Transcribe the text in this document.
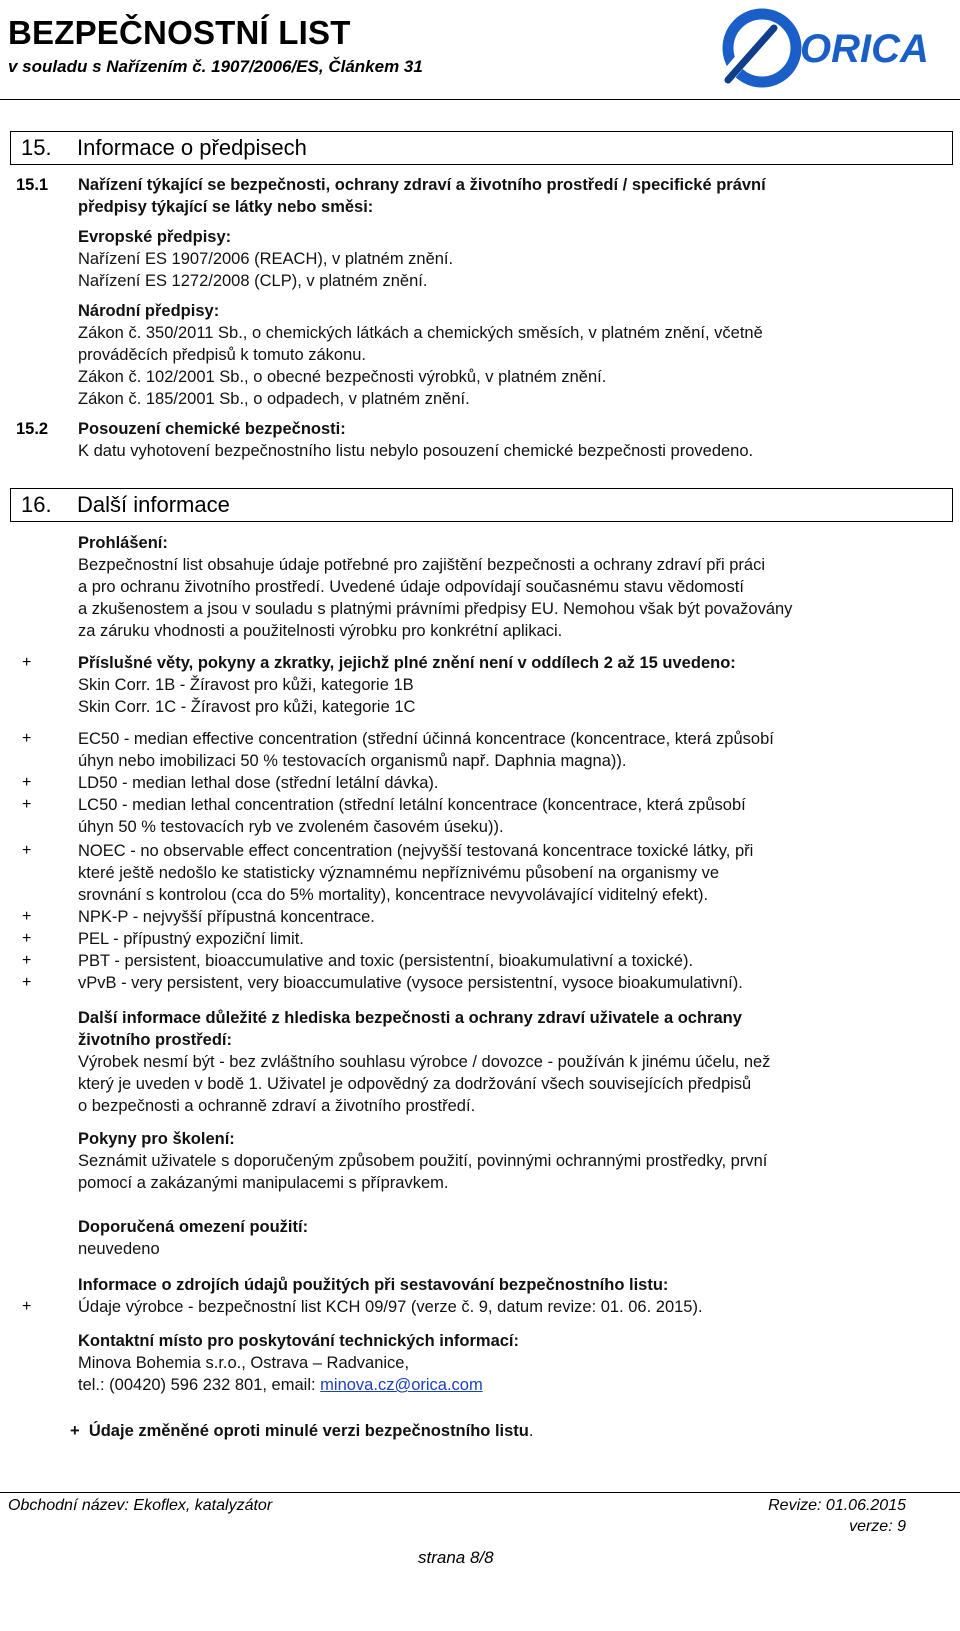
BEZPEČNOSTNÍ LIST
v souladu s Nařízením č. 1907/2006/ES, Článkem 31	ORICA
15. Informace o předpisech
15.1 Nařízení týkající se bezpečnosti, ochrany zdraví a životního prostředí / specifické právní
předpisy týkající se látky nebo směsi:
Evropské předpisy:
Nařízení ES 1907/2006 (REACH), v platném znění.
Nařízení ES 1272/2008 (CLP), v platném znění.
Národní předpisy:
Zákon č. 350/2011 Sb., o chemických látkách a chemických směsích, v platném znění, včetně
prováděcích předpisů k tomuto zákonu.
Zákon č. 102/2001 Sb., o obecné bezpečnosti výrobků, v platném znění.
Zákon č. 185/2001 Sb., o odpadech, v platném znění.
15.2 Posouzení chemické bezpečnosti:
K datu vyhotovení bezpečnostního listu nebylo posouzení chemické bezpečnosti provedeno.
16. Další informace
Prohlášení:
Bezpečnostní list obsahuje údaje potřebné pro zajištění bezpečnosti a ochrany zdraví při práci
a pro ochranu životního prostředí. Uvedené údaje odpovídají současnému stavu vědomostí
a zkušenostem a jsou v souladu s platnými právními předpisy EU. Nemohou však být považovány
za záruku vhodnosti a použitelnosti výrobku pro konkrétní aplikaci.
+	Příslušné věty, pokyny a zkratky, jejichž plné znění není v oddílech 2 až 15 uvedeno:
Skin Corr. 1B - Žíravost pro kůži, kategorie 1B
Skin Corr. 1C - Žíravost pro kůži, kategorie 1C
+	EC50 - median effective concentration (střední účinná koncentrace (koncentrace, která způsobí
úhyn nebo imobilizaci 50 % testovacích organismů např. Daphnia magna)).
+	LD50 - median lethal dose (střední letální dávka).
+	LC50 - median lethal concentration (střední letální koncentrace (koncentrace, která způsobí
úhyn 50 % testovacích ryb ve zvoleném časovém úseku)).
+	NOEC - no observable effect concentration (nejvyšší testovaná koncentrace toxické látky, při
které ještě nedošlo ke statisticky významnému nepříznivému působení na organismy ve
srovnání s kontrolou (cca do 5% mortality), koncentrace nevyvolávající viditelný efekt).
+	NPK-P - nejvyšší přípustná koncentrace.
+	PEL - přípustný expoziční limit.
+	PBT - persistent, bioaccumulative and toxic (persistentní, bioakumulativní a toxické).
+	vPvB - very persistent, very bioaccumulative (vysoce persistentní, vysoce bioakumulativní).
Další informace důležité z hlediska bezpečnosti a ochrany zdraví uživatele a ochrany
životního prostředí:
Výrobek nesmí být - bez zvláštního souhlasu výrobce / dovozce - používán k jinému účelu, než
který je uveden v bodě 1. Uživatel je odpovědný za dodržování všech souvisejících předpisů
o bezpečnosti a ochranně zdraví a životního prostředí.
Pokyny pro školení:
Seznámit uživatele s doporučeným způsobem použití, povinnými ochrannými prostředky, první
pomocí a zakázanými manipulacemi s přípravkem.
Doporučená omezení použití:
neuvedeno
Informace o zdrojích údajů použitých při sestavování bezpečnostního listu:
+	Údaje výrobce - bezpečnostní list KCH 09/97 (verze č. 9, datum revize: 01. 06. 2015).
Kontaktní místo pro poskytování technických informací:
Minova Bohemia s.r.o., Ostrava – Radvanice,
tel.: (00420) 596 232 801, email: minova.cz@orica.com
+ Údaje změněné oproti minulé verzi bezpečnostního listu.
Obchodní název: Ekoflex, katalyzátor	Revize: 01.06.2015
verze: 9
strana 8/8
